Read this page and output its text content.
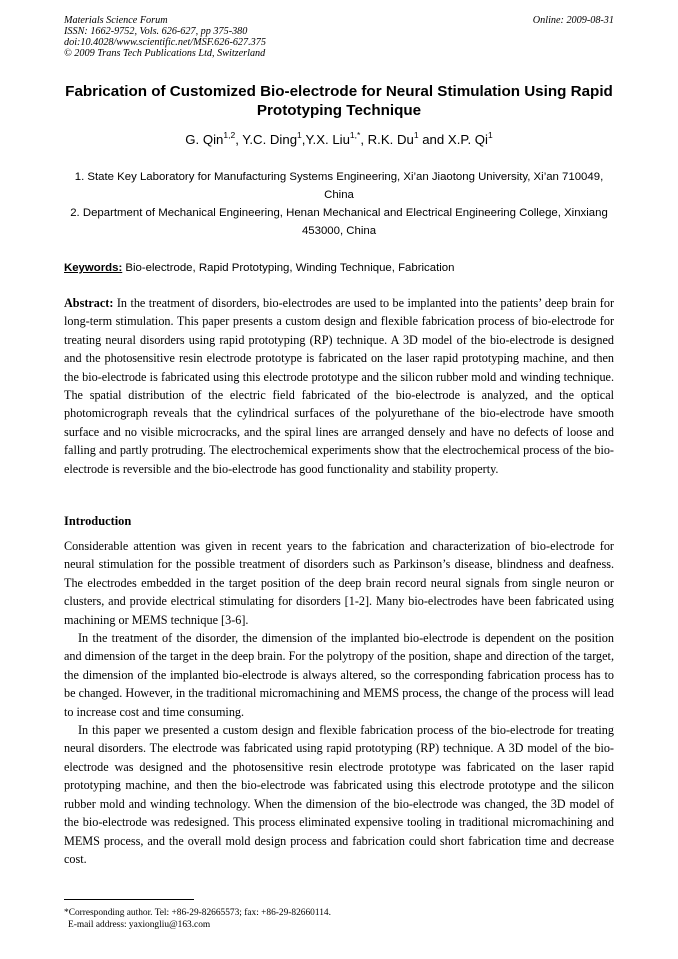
Materials Science Forum
ISSN: 1662-9752, Vols. 626-627, pp 375-380
doi:10.4028/www.scientific.net/MSF.626-627.375
© 2009 Trans Tech Publications Ltd, Switzerland
Online: 2009-08-31
Fabrication of Customized Bio-electrode for Neural Stimulation Using Rapid Prototyping Technique
G. Qin$^{1,2}$, Y.C. Ding$^1$,Y.X. Liu$^{1,*}$, R.K. Du$^1$ and X.P. Qi$^1$
1. State Key Laboratory for Manufacturing Systems Engineering, Xi’an Jiaotong University, Xi’an 710049, China
2. Department of Mechanical Engineering, Henan Mechanical and Electrical Engineering College, Xinxiang 453000, China
Keywords: Bio-electrode, Rapid Prototyping, Winding Technique, Fabrication
Abstract: In the treatment of disorders, bio-electrodes are used to be implanted into the patients’ deep brain for long-term stimulation. This paper presents a custom design and flexible fabrication process of bio-electrode for treating neural disorders using rapid prototyping (RP) technique. A 3D model of the bio-electrode is designed and the photosensitive resin electrode prototype is fabricated on the laser rapid prototyping machine, and then the bio-electrode is fabricated using this electrode prototype and the silicon rubber mold and winding technique. The spatial distribution of the electric field fabricated of the bio-electrode is analyzed, and the optical photomicrograph reveals that the cylindrical surfaces of the polyurethane of the bio-electrode have smooth surface and no visible microcracks, and the spiral lines are arranged densely and have no defects of loose and falling and partly protruding. The electrochemical experiments show that the electrochemical process of the bio-electrode is reversible and the bio-electrode has good functionality and stability property.
Introduction

Considerable attention was given in recent years to the fabrication and characterization of bio-electrode for neural stimulation for the possible treatment of disorders such as Parkinson’s disease, blindness and deafness. The electrodes embedded in the target position of the deep brain record neural signals from single neuron or clusters, and provide electrical stimulating for disorders [1-2]. Many bio-electrodes have been fabricated using machining or MEMS technique [3-6].

In the treatment of the disorder, the dimension of the implanted bio-electrode is dependent on the position and dimension of the target in the deep brain. For the polytropy of the position, shape and direction of the target, the dimension of the implanted bio-electrode is always altered, so the corresponding fabrication process has to be changed. However, in the traditional micromachining and MEMS process, the change of the process will lead to increase cost and time consuming.

In this paper we presented a custom design and flexible fabrication process of the bio-electrode for treating neural disorders. The electrode was fabricated using rapid prototyping (RP) technique. A 3D model of the bio-electrode was designed and the photosensitive resin electrode prototype was fabricated on the laser rapid prototyping machine, and then the bio-electrode was fabricated using this electrode prototype and the silicon rubber mold and winding technology. When the dimension of the bio-electrode was changed, the 3D model of the bio-electrode was redesigned. This process eliminated expensive tooling in traditional micromachining and MEMS process, and the overall mold design process and fabrication could short fabrication time and decrease cost.

*Corresponding author. Tel: +86-29-82665573; fax: +86-29-82660114.
E-mail address: yaxiongliu@163.com
